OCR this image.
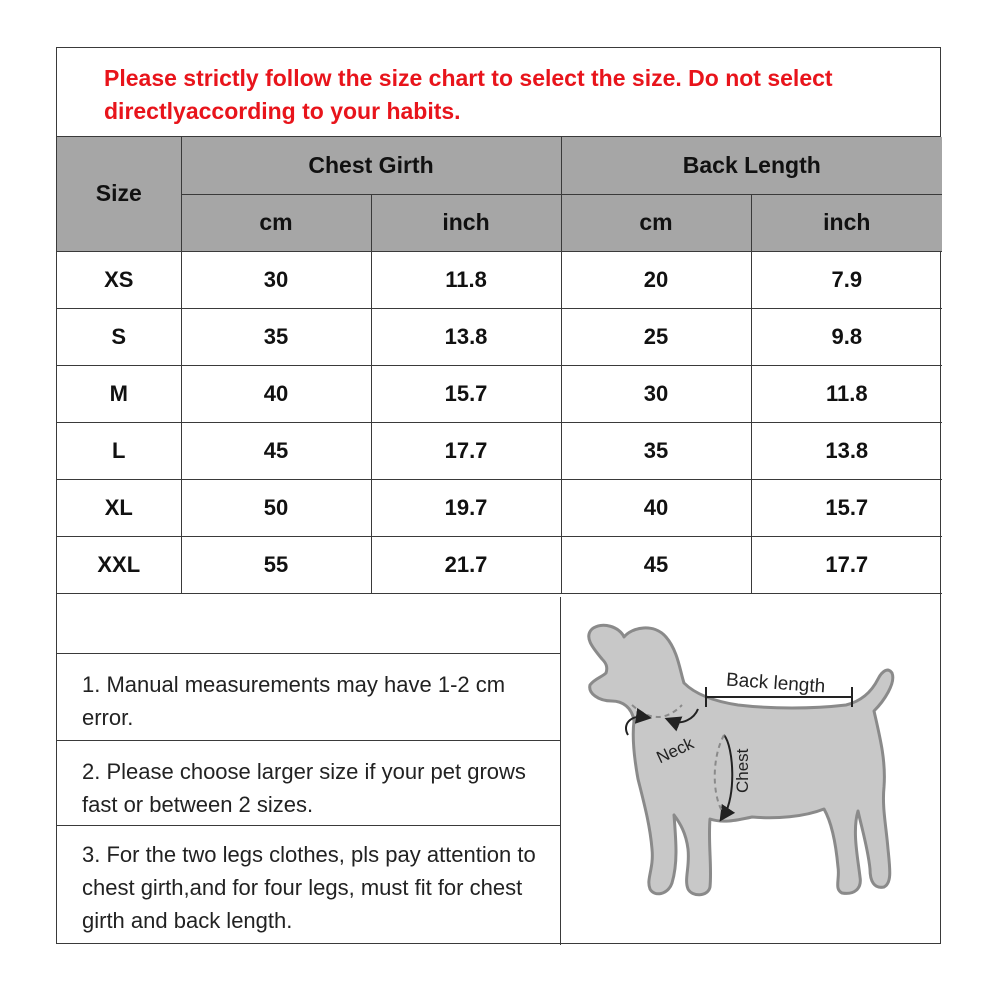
Please strictly follow the size chart to select the size. Do not select directlyaccording to your habits.
Size	Chest Girth		Back Length	
	cm	inch	cm	inch
XS	30	11.8	20	7.9
S	35	13.8	25	9.8
M	40	15.7	30	11.8
L	45	17.7	35	13.8
XL	50	19.7	40	15.7
XXL	55	21.7	45	17.7
1. Manual measurements may have 1-2 cm error.
2. Please choose larger size if your pet grows fast or between 2 sizes.
3. For the two legs clothes, pls pay attention to chest girth,and for four legs, must fit for chest girth and back length.
Back length
Neck Chest
